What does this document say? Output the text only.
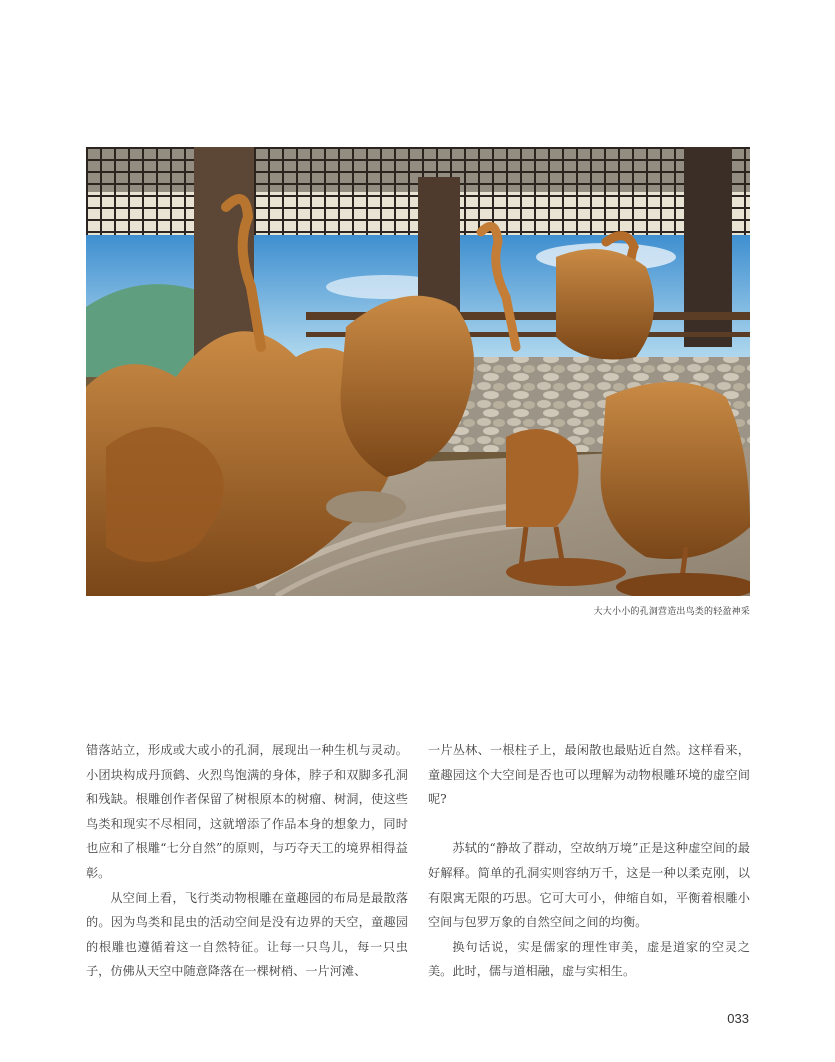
大大小小的孔洞营造出鸟类的轻盈神采

错落站立，形成或大或小的孔洞，展现出一种生机与灵动。小团块构成丹顶鹤、火烈鸟饱满的身体，脖子和双脚多孔洞和残缺。根雕创作者保留了树根原本的树瘤、树洞，使这些鸟类和现实不尽相同，这就增添了作品本身的想象力，同时也应和了根雕“七分自然”的原则，与巧夺天工的境界相得益彰。

从空间上看，飞行类动物根雕在童趣园的布局是最散落的。因为鸟类和昆虫的活动空间是没有边界的天空，童趣园的根雕也遵循着这一自然特征。让每一只鸟儿，每一只虫子，仿佛从天空中随意降落在一棵树梢、一片河滩、

一片丛林、一根柱子上，最闲散也最贴近自然。这样看来，童趣园这个大空间是否也可以理解为动物根雕环境的虚空间呢?

苏轼的“静故了群动，空故纳万境”正是这种虚空间的最好解释。简单的孔洞实则容纳万千，这是一种以柔克刚，以有限寓无限的巧思。它可大可小，伸缩自如，平衡着根雕小空间与包罗万象的自然空间之间的均衡。

换句话说，实是儒家的理性审美，虚是道家的空灵之美。此时，儒与道相融，虚与实相生。

033
